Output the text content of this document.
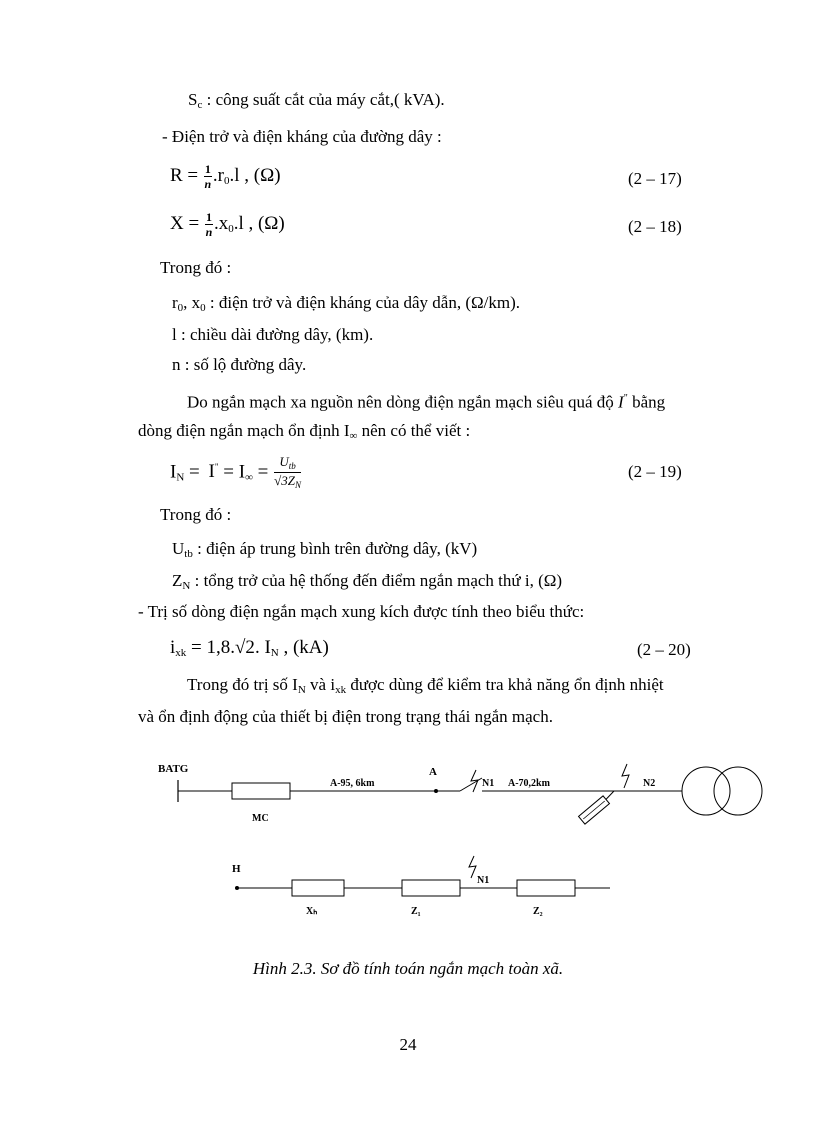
$S_c$ : công suất cắt của máy cắt,( kVA).
- Điện trở và điện kháng của đường dây :
$R = \frac{1}{n} .r_0.l$ , (Ω)	(2 – 17)
$X = \frac{1}{n} .x_0.l$ , (Ω)	(2 – 18)
Trong đó :
$r_0$, $x_0$ : điện trở và điện kháng của dây dẫn, (Ω/km).
l : chiều dài đường dây, (km).
n : số lộ đường dây.
Do ngắn mạch xa nguồn nên dòng điện ngắn mạch siêu quá độ I" bằng
dòng điện ngắn mạch ổn định $I_\infty$ nên có thể viết :
$I_N = I^" = I_\infty = \frac{U_{tb}}{√3Z_N}$	(2 – 19)
Trong đó :
$U_{tb}$ : điện áp trung bình trên đường dây, (kV)
$Z_N$ : tổng trở của hệ thống đến điểm ngắn mạch thứ i, (Ω)
- Trị số dòng điện ngắn mạch xung kích được tính theo biểu thức:
$i_{xk} = 1,8.√2$. $I_N$ , (kA)	(2 – 20)
Trong đó trị số $I_N$ và $i_{xk}$ được dùng để kiểm tra khả năng ổn định nhiệt
và ổn định động của thiết bị điện trong trạng thái ngắn mạch.
BATG
MC
A-95, 6km
A
N1 A-70,2km	N2
H
N1
Xₕ	Z₁	Z₂
Hình 2.3. Sơ đồ tính toán ngắn mạch toàn xã.
24
